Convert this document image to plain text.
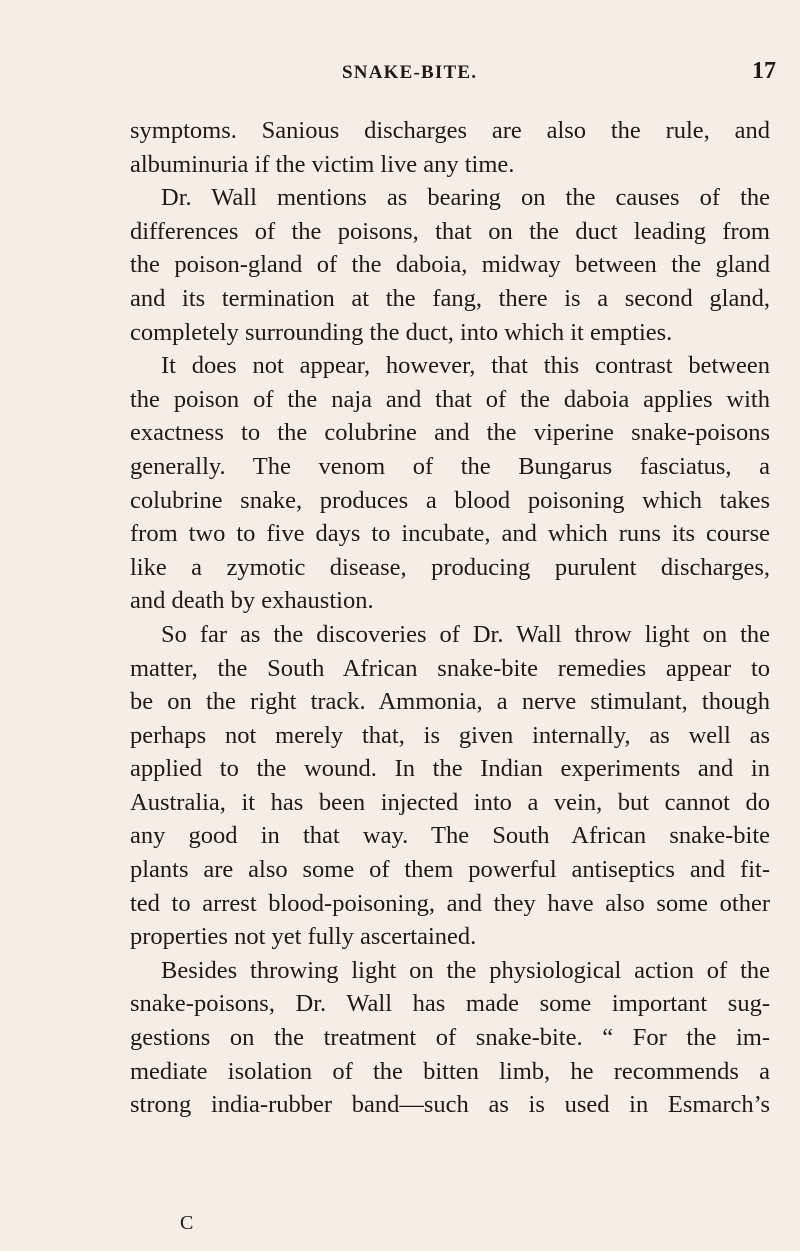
SNAKE-BITE.	17
symptoms. Sanious discharges are also the rule, and
albuminuria if the victim live any time.
Dr. Wall mentions as bearing on the causes of the
differences of the poisons, that on the duct leading from
the poison-gland of the daboia, midway between the gland
and its termination at the fang, there is a second gland,
completely surrounding the duct, into which it empties.
It does not appear, however, that this contrast between
the poison of the naja and that of the daboia applies with
exactness to the colubrine and the viperine snake-poisons
generally. The venom of the Bungarus fasciatus, a
colubrine snake, produces a blood poisoning which takes
from two to five days to incubate, and which runs its course
like a zymotic disease, producing purulent discharges,
and death by exhaustion.
So far as the discoveries of Dr. Wall throw light on the
matter, the South African snake-bite remedies appear to
be on the right track. Ammonia, a nerve stimulant, though
perhaps not merely that, is given internally, as well as
applied to the wound. In the Indian experiments and in
Australia, it has been injected into a vein, but cannot do
any good in that way. The South African snake-bite
plants are also some of them powerful antiseptics and fit-
ted to arrest blood-poisoning, and they have also some other
properties not yet fully ascertained.
Besides throwing light on the physiological action of the
snake-poisons, Dr. Wall has made some important sug-
gestions on the treatment of snake-bite. “ For the im-
mediate isolation of the bitten limb, he recommends a
strong india-rubber band—such as is used in Esmarch’s
C
